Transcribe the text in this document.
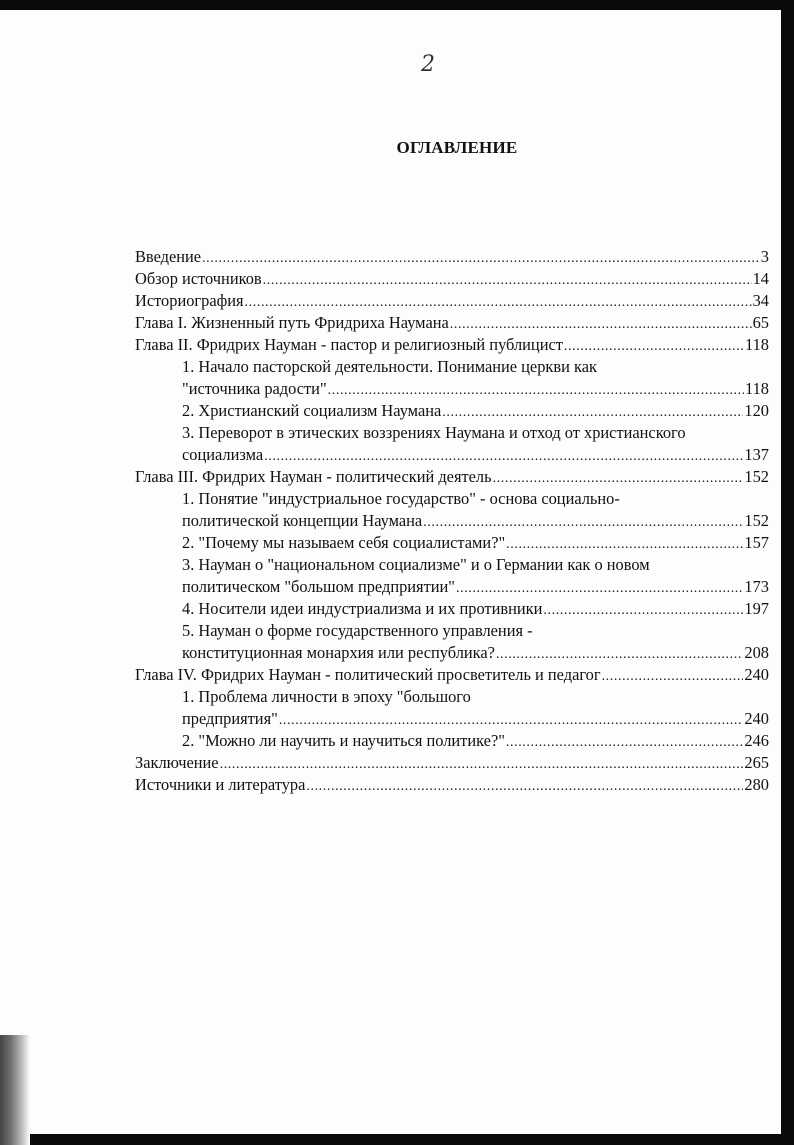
2
ОГЛАВЛЕНИЕ
Введение .....	3
Обзор источников .....	14
Историография .....	34
Глава I. Жизненный путь Фридриха Наумана .....	65
Глава II. Фридрих Науман - пастор и религиозный публицист .....	118
1. Начало пасторской деятельности. Понимание церкви как
"источника радости" .....	118
2. Христианский социализм Наумана .....	120
3. Переворот в этических воззрениях Наумана и отход от христианского
социализма .....	137
Глава III. Фридрих Науман - политический деятель .....	152
1. Понятие "индустриальное государство" - основа социально-
политической концепции Наумана .....	152
2. "Почему мы называем себя социалистами?" .....	157
3. Науман о "национальном социализме" и о Германии как о новом
политическом "большом предприятии" .....	173
4. Носители идеи индустриализма и их противники .....	197
5. Науман о форме государственного управления -
конституционная монархия или республика? .....	208
Глава IV. Фридрих Науман - политический просветитель и педагог .....	240
1. Проблема личности в эпоху "большого
предприятия" .....	240
2. "Можно ли научить и научиться политике?" .....	246
Заключение .....	265
Источники и литература .....	280
